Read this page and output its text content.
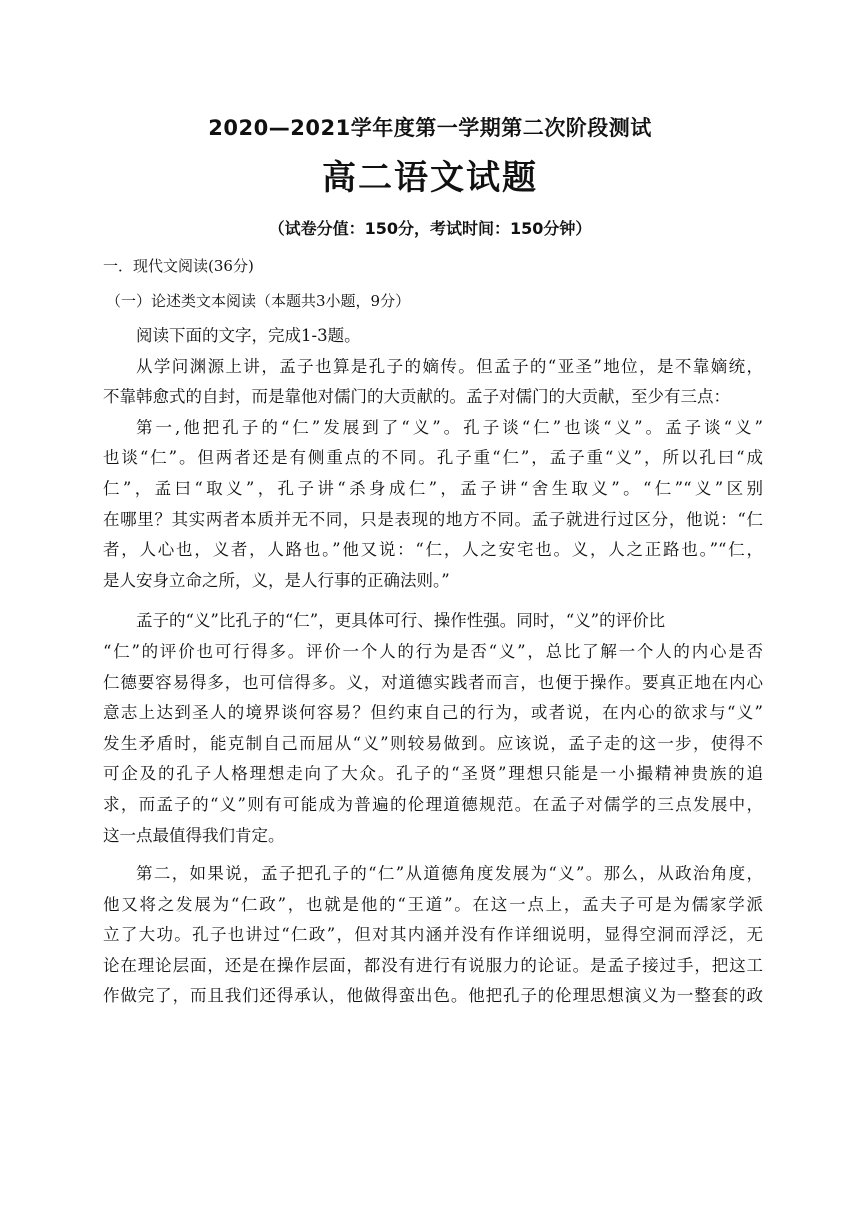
2020—2021学年度第一学期第二次阶段测试
高二语文试题
（试卷分值：150分，考试时间：150分钟）
一．现代文阅读(36分)
（一）论述类文本阅读（本题共3小题，9分）
阅读下面的文字，完成1-3题。
从学问渊源上讲，孟子也算是孔子的嫡传。但孟子的“亚圣”地位，是不靠嫡统，
不靠韩愈式的自封，而是靠他对儒门的大贡献的。孟子对儒门的大贡献，至少有三点：
第一,他把孔子的“仁”发展到了“义”。孔子谈“仁”也谈“义”。孟子谈“义”
也谈“仁”。但两者还是有侧重点的不同。孔子重“仁”，孟子重“义”，所以孔曰“成
仁”，孟曰“取义”，孔子讲“杀身成仁”，孟子讲“舍生取义”。“仁”“义”区别
在哪里？其实两者本质并无不同，只是表现的地方不同。孟子就进行过区分，他说：“仁
者，人心也，义者，人路也。”他又说：“仁，人之安宅也。义，人之正路也。”“仁，
是人安身立命之所，义，是人行事的正确法则。”
孟子的“义”比孔子的“仁”，更具体可行、操作性强。同时，“义”的评价比
“仁”的评价也可行得多。评价一个人的行为是否“义”，总比了解一个人的内心是否
仁德要容易得多，也可信得多。义，对道德实践者而言，也便于操作。要真正地在内心
意志上达到圣人的境界谈何容易？但约束自己的行为，或者说，在内心的欲求与“义”
发生矛盾时，能克制自己而屈从“义”则较易做到。应该说，孟子走的这一步，使得不
可企及的孔子人格理想走向了大众。孔子的“圣贤”理想只能是一小撮精神贵族的追
求，而孟子的“义”则有可能成为普遍的伦理道德规范。在孟子对儒学的三点发展中，
这一点最值得我们肯定。
第二，如果说，孟子把孔子的“仁”从道德角度发展为“义”。那么，从政治角度，
他又将之发展为“仁政”，也就是他的“王道”。在这一点上，孟夫子可是为儒家学派
立了大功。孔子也讲过“仁政”，但对其内涵并没有作详细说明，显得空洞而浮泛，无
论在理论层面，还是在操作层面，都没有进行有说服力的论证。是孟子接过手，把这工
作做完了，而且我们还得承认，他做得蛮出色。他把孔子的伦理思想演义为一整套的政
